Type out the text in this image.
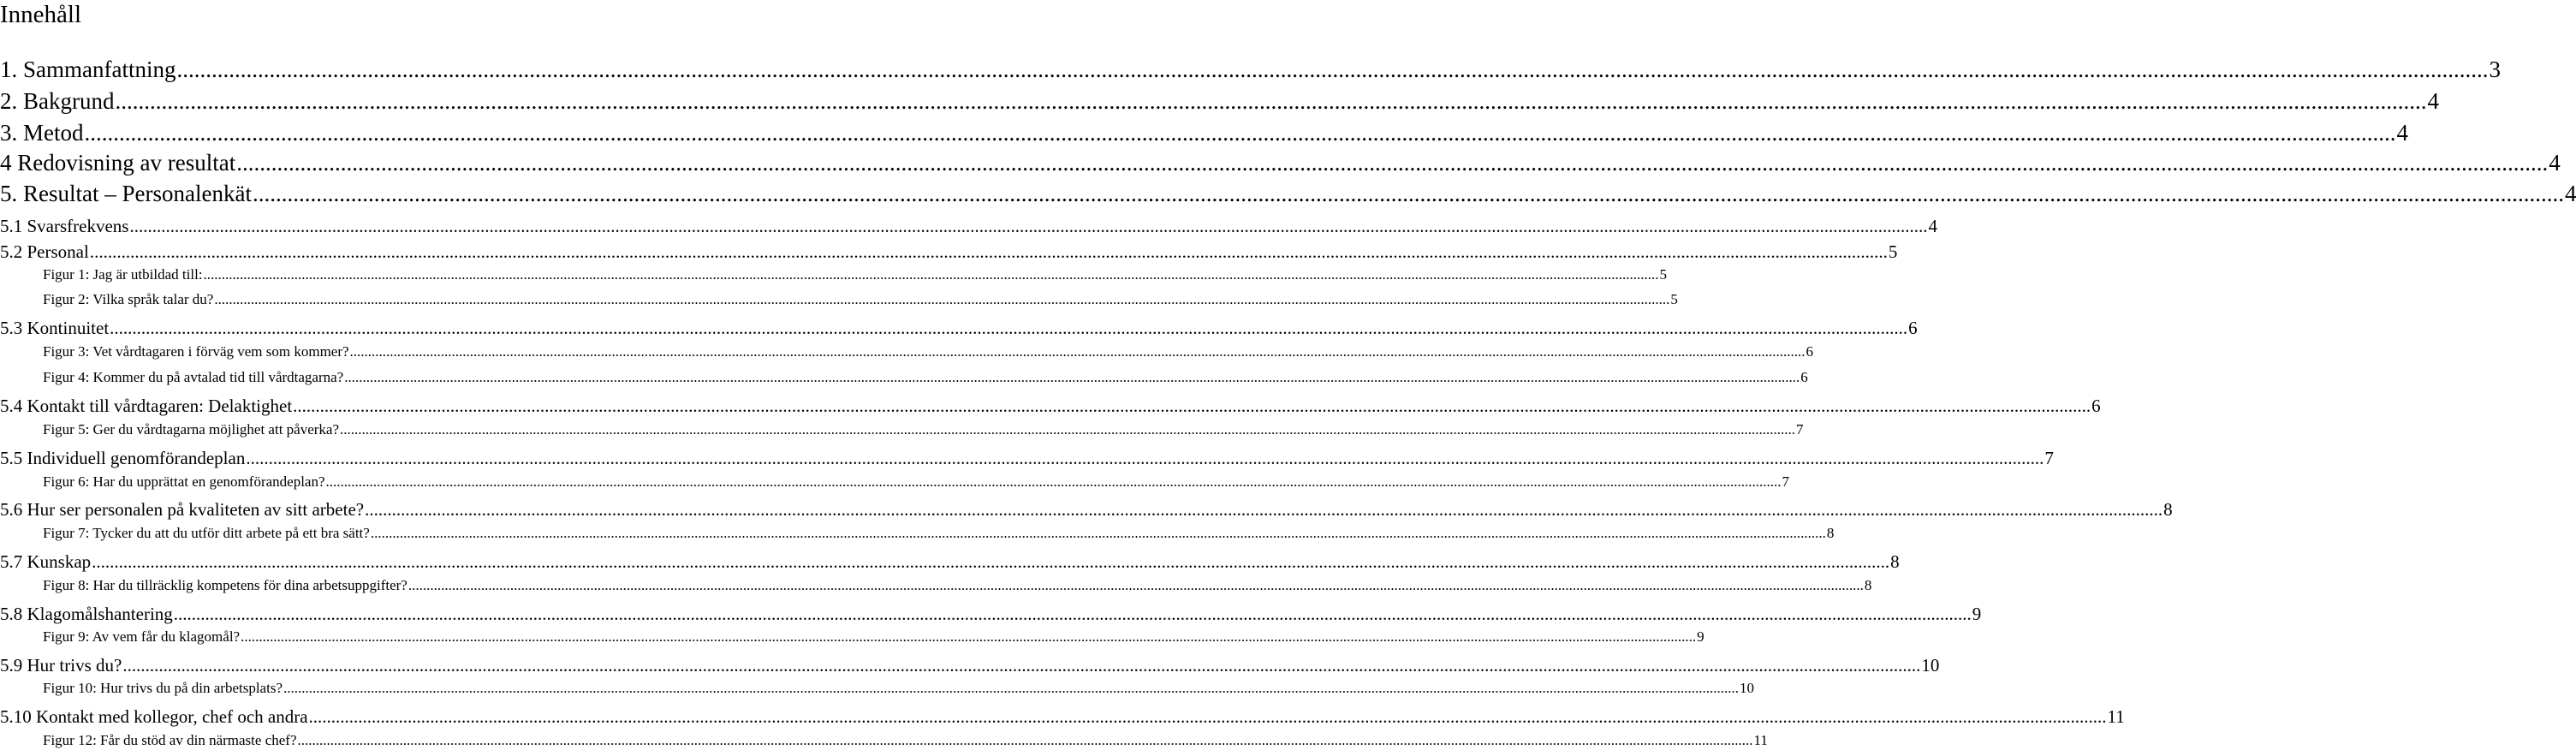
Innehåll
1. Sammanfattning ................................................................................................................................................................................................................................................................................................................................................................................................................ 3
2. Bakgrund ................................................................................................................................................................................................................................................................................................................................................................................................................ 4
3. Metod ................................................................................................................................................................................................................................................................................................................................................................................................................ 4
4 Redovisning av resultat ................................................................................................................................................................................................................................................................................................................................................................................................................ 4
5. Resultat – Personalenkät ................................................................................................................................................................................................................................................................................................................................................................................................................ 4
5.1 Svarsfrekvens ................................................................................................................................................................................................................................................................................................................................................................................................................ 4
5.2 Personal ................................................................................................................................................................................................................................................................................................................................................................................................................ 5
Figur 1: Jag är utbildad till: ................................................................................................................................................................................................................................................................................................................................................................................................................ 5
Figur 2: Vilka språk talar du? ................................................................................................................................................................................................................................................................................................................................................................................................................ 5
5.3 Kontinuitet ................................................................................................................................................................................................................................................................................................................................................................................................................ 6
Figur 3: Vet vårdtagaren i förväg vem som kommer? ................................................................................................................................................................................................................................................................................................................................................................................................................ 6
Figur 4: Kommer du på avtalad tid till vårdtagarna? ................................................................................................................................................................................................................................................................................................................................................................................................................ 6
5.4 Kontakt till vårdtagaren: Delaktighet ................................................................................................................................................................................................................................................................................................................................................................................................................ 6
Figur 5: Ger du vårdtagarna möjlighet att påverka? ................................................................................................................................................................................................................................................................................................................................................................................................................ 7
5.5 Individuell genomförandeplan ................................................................................................................................................................................................................................................................................................................................................................................................................ 7
Figur 6: Har du upprättat en genomförandeplan? ................................................................................................................................................................................................................................................................................................................................................................................................................ 7
5.6 Hur ser personalen på kvaliteten av sitt arbete? ................................................................................................................................................................................................................................................................................................................................................................................................................ 8
Figur 7: Tycker du att du utför ditt arbete på ett bra sätt? ................................................................................................................................................................................................................................................................................................................................................................................................................ 8
5.7 Kunskap ................................................................................................................................................................................................................................................................................................................................................................................................................ 8
Figur 8: Har du tillräcklig kompetens för dina arbetsuppgifter? ................................................................................................................................................................................................................................................................................................................................................................................................................ 8
5.8 Klagomålshantering ................................................................................................................................................................................................................................................................................................................................................................................................................ 9
Figur 9: Av vem får du klagomål? ................................................................................................................................................................................................................................................................................................................................................................................................................ 9
5.9 Hur trivs du? ................................................................................................................................................................................................................................................................................................................................................................................................................ 10
Figur 10: Hur trivs du på din arbetsplats? ................................................................................................................................................................................................................................................................................................................................................................................................................ 10
5.10 Kontakt med kollegor, chef och andra ................................................................................................................................................................................................................................................................................................................................................................................................................ 11
Figur 12: Får du stöd av din närmaste chef? ................................................................................................................................................................................................................................................................................................................................................................................................................ 11
